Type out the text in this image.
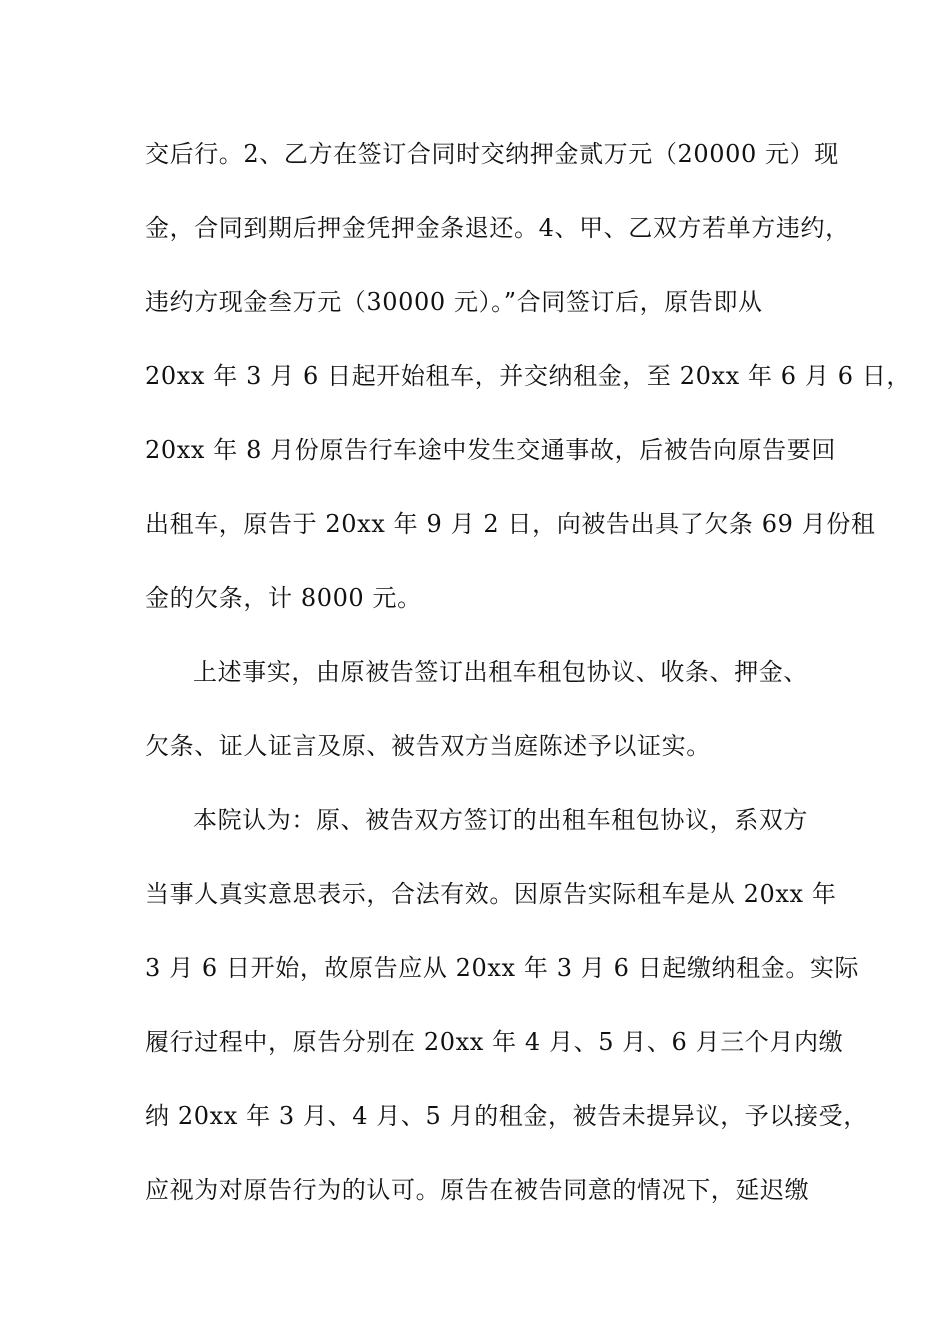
交后行。2、乙方在签订合同时交纳押金贰万元（20000 元）现
金，合同到期后押金凭押金条退还。4、甲、乙双方若单方违约，
违约方现金叁万元（30000 元）。”合同签订后，原告即从
20xx 年 3 月 6 日起开始租车，并交纳租金，至 20xx 年 6 月 6 日，
20xx 年 8 月份原告行车途中发生交通事故，后被告向原告要回
出租车，原告于 20xx 年 9 月 2 日，向被告出具了欠条 69 月份租
金的欠条，计 8000 元。
上述事实，由原被告签订出租车租包协议、收条、押金、
欠条、证人证言及原、被告双方当庭陈述予以证实。
本院认为：原、被告双方签订的出租车租包协议，系双方
当事人真实意思表示，合法有效。因原告实际租车是从 20xx 年
3 月 6 日开始，故原告应从 20xx 年 3 月 6 日起缴纳租金。实际
履行过程中，原告分别在 20xx 年 4 月、5 月、6 月三个月内缴
纳 20xx 年 3 月、4 月、5 月的租金，被告未提异议，予以接受，
应视为对原告行为的认可。原告在被告同意的情况下，延迟缴
